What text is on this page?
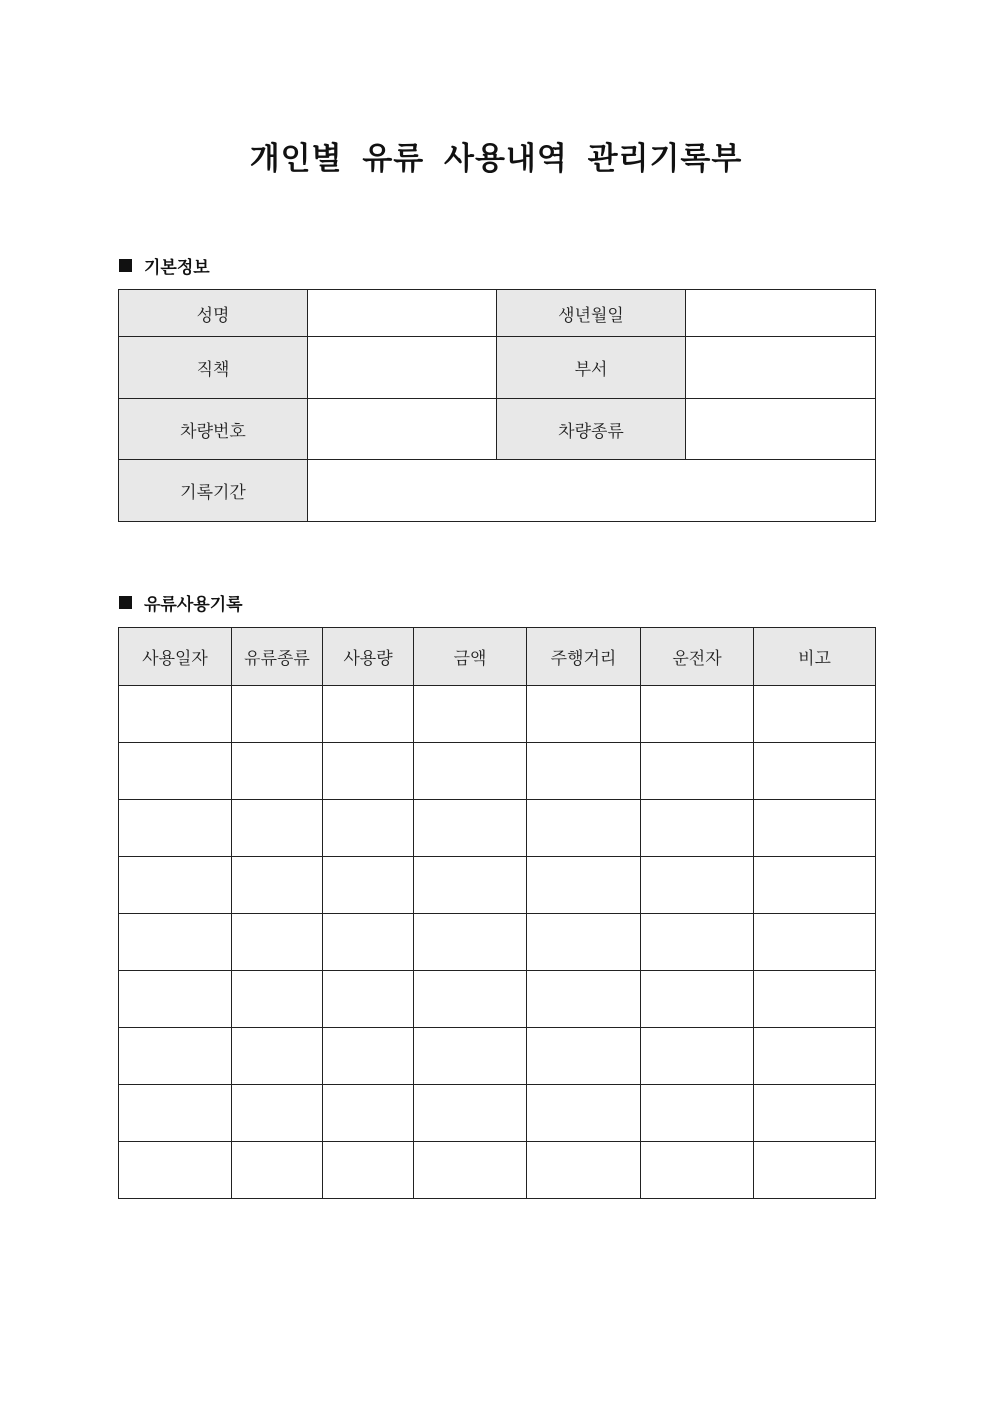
개인별 유류 사용내역 관리기록부
기본정보
성명		생년월일	
직책		부서	
차량번호		차량종류	
기록기간			
유류사용기록
사용일자	유류종류	사용량	금액	주행거리	운전자	비고
